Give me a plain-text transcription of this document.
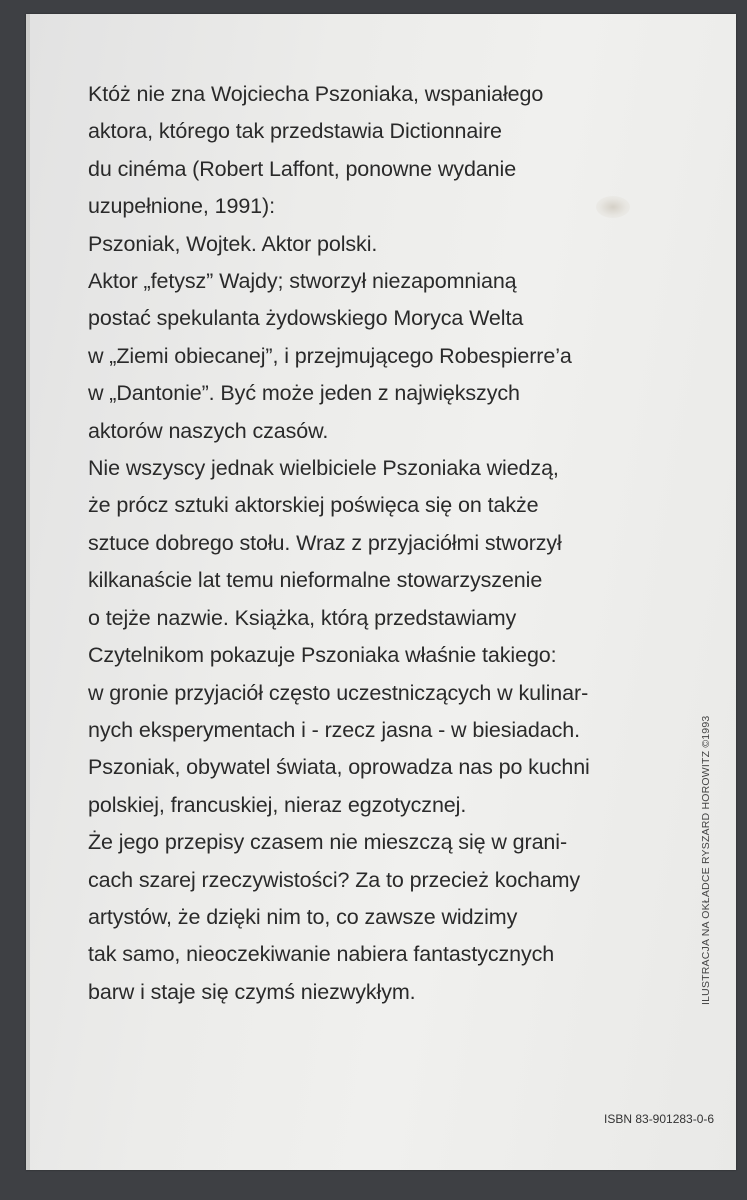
Któż nie zna Wojciecha Pszoniaka, wspaniałego
aktora, którego tak przedstawia Dictionnaire
du cinéma (Robert Laffont, ponowne wydanie
uzupełnione, 1991):
Pszoniak, Wojtek. Aktor polski.
Aktor „fetysz” Wajdy; stworzył niezapomnianą
postać spekulanta żydowskiego Moryca Welta
w „Ziemi obiecanej”, i przejmującego Robespierre’a
w „Dantonie”. Być może jeden z największych
aktorów naszych czasów.
Nie wszyscy jednak wielbiciele Pszoniaka wiedzą,
że prócz sztuki aktorskiej poświęca się on także
sztuce dobrego stołu. Wraz z przyjaciółmi stworzył
kilkanaście lat temu nieformalne stowarzyszenie
o tejże nazwie. Książka, którą przedstawiamy
Czytelnikom pokazuje Pszoniaka właśnie takiego:
w gronie przyjaciół często uczestniczących w kulinar-
nych eksperymentach i - rzecz jasna - w biesiadach.
Pszoniak, obywatel świata, oprowadza nas po kuchni
polskiej, francuskiej, nieraz egzotycznej.
Że jego przepisy czasem nie mieszczą się w grani-
cach szarej rzeczywistości? Za to przecież kochamy
artystów, że dzięki nim to, co zawsze widzimy
tak samo, nieoczekiwanie nabiera fantastycznych
barw i staje się czymś niezwykłym.	ILUSTRACJA NA OKŁADCE RYSZARD HOROWITZ ©1993
ISBN 83-901283-0-6
